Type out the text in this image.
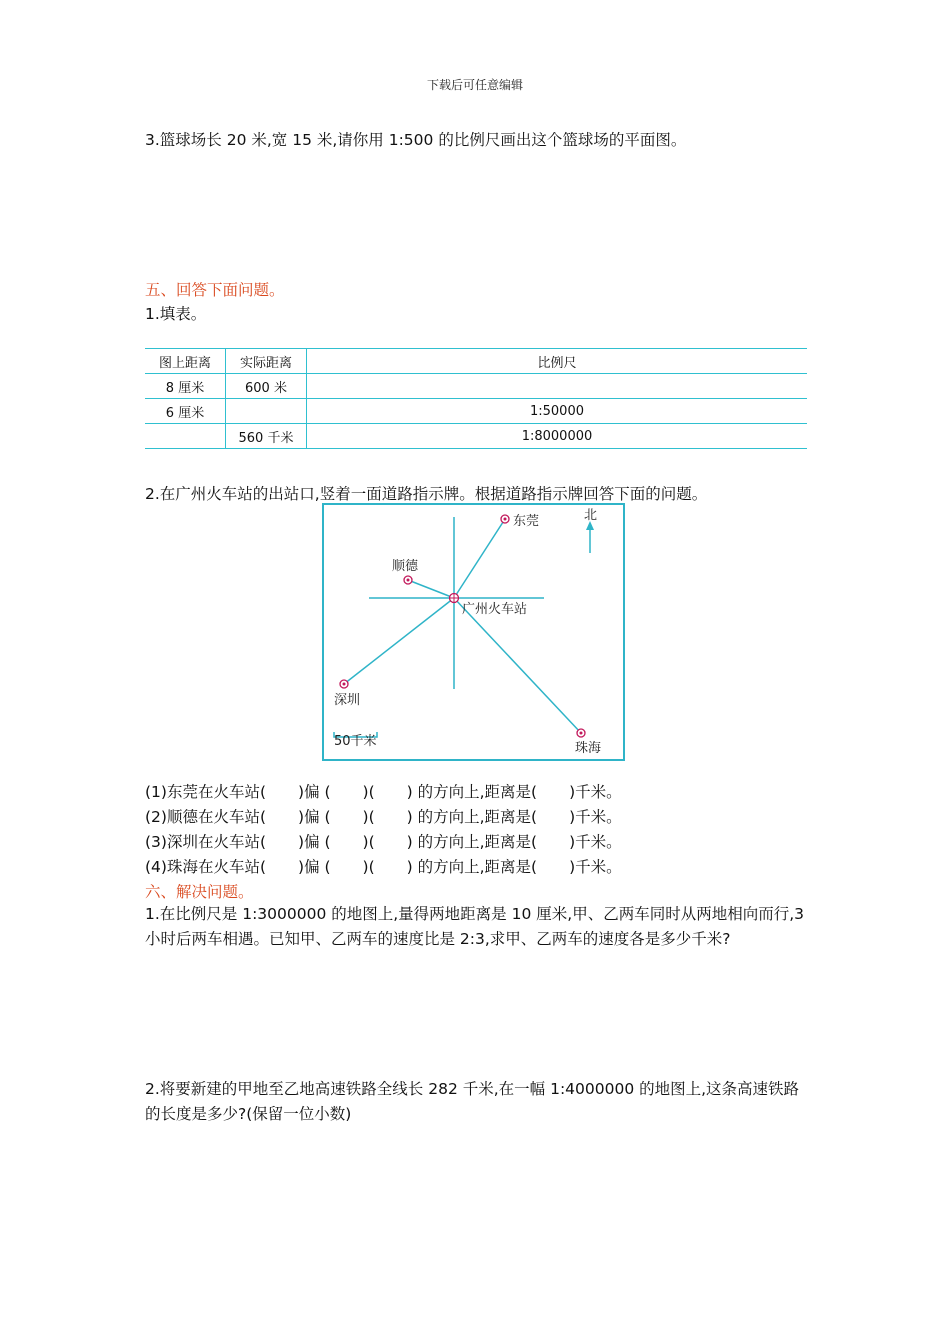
下载后可任意编辑
3.篮球场长 20 米,宽 15 米,请你用 1:500 的比例尺画出这个篮球场的平面图。
五、回答下面问题。
1.填表。
图上距离	实际距离	比例尺
8 厘米	600 米	
6 厘米		1:50000
	560 千米	1:8000000
2.在广州火车站的出站口,竖着一面道路指示牌。根据道路指示牌回答下面的问题。
东莞
顺德
广州火车站
深圳
珠海
北
50千米
(1)东莞在火车站( )偏 ( )( ) 的方向上,距离是( )千米。
(2)顺德在火车站( )偏 ( )( ) 的方向上,距离是( )千米。
(3)深圳在火车站( )偏 ( )( ) 的方向上,距离是( )千米。
(4)珠海在火车站( )偏 ( )( ) 的方向上,距离是( )千米。
六、解决问题。
1.在比例尺是 1:3000000 的地图上,量得两地距离是 10 厘米,甲、乙两车同时从两地相向而行,3 小时后两车相遇。已知甲、乙两车的速度比是 2:3,求甲、乙两车的速度各是多少千米?
2.将要新建的甲地至乙地高速铁路全线长 282 千米,在一幅 1:4000000 的地图上,这条高速铁路的长度是多少?(保留一位小数)
